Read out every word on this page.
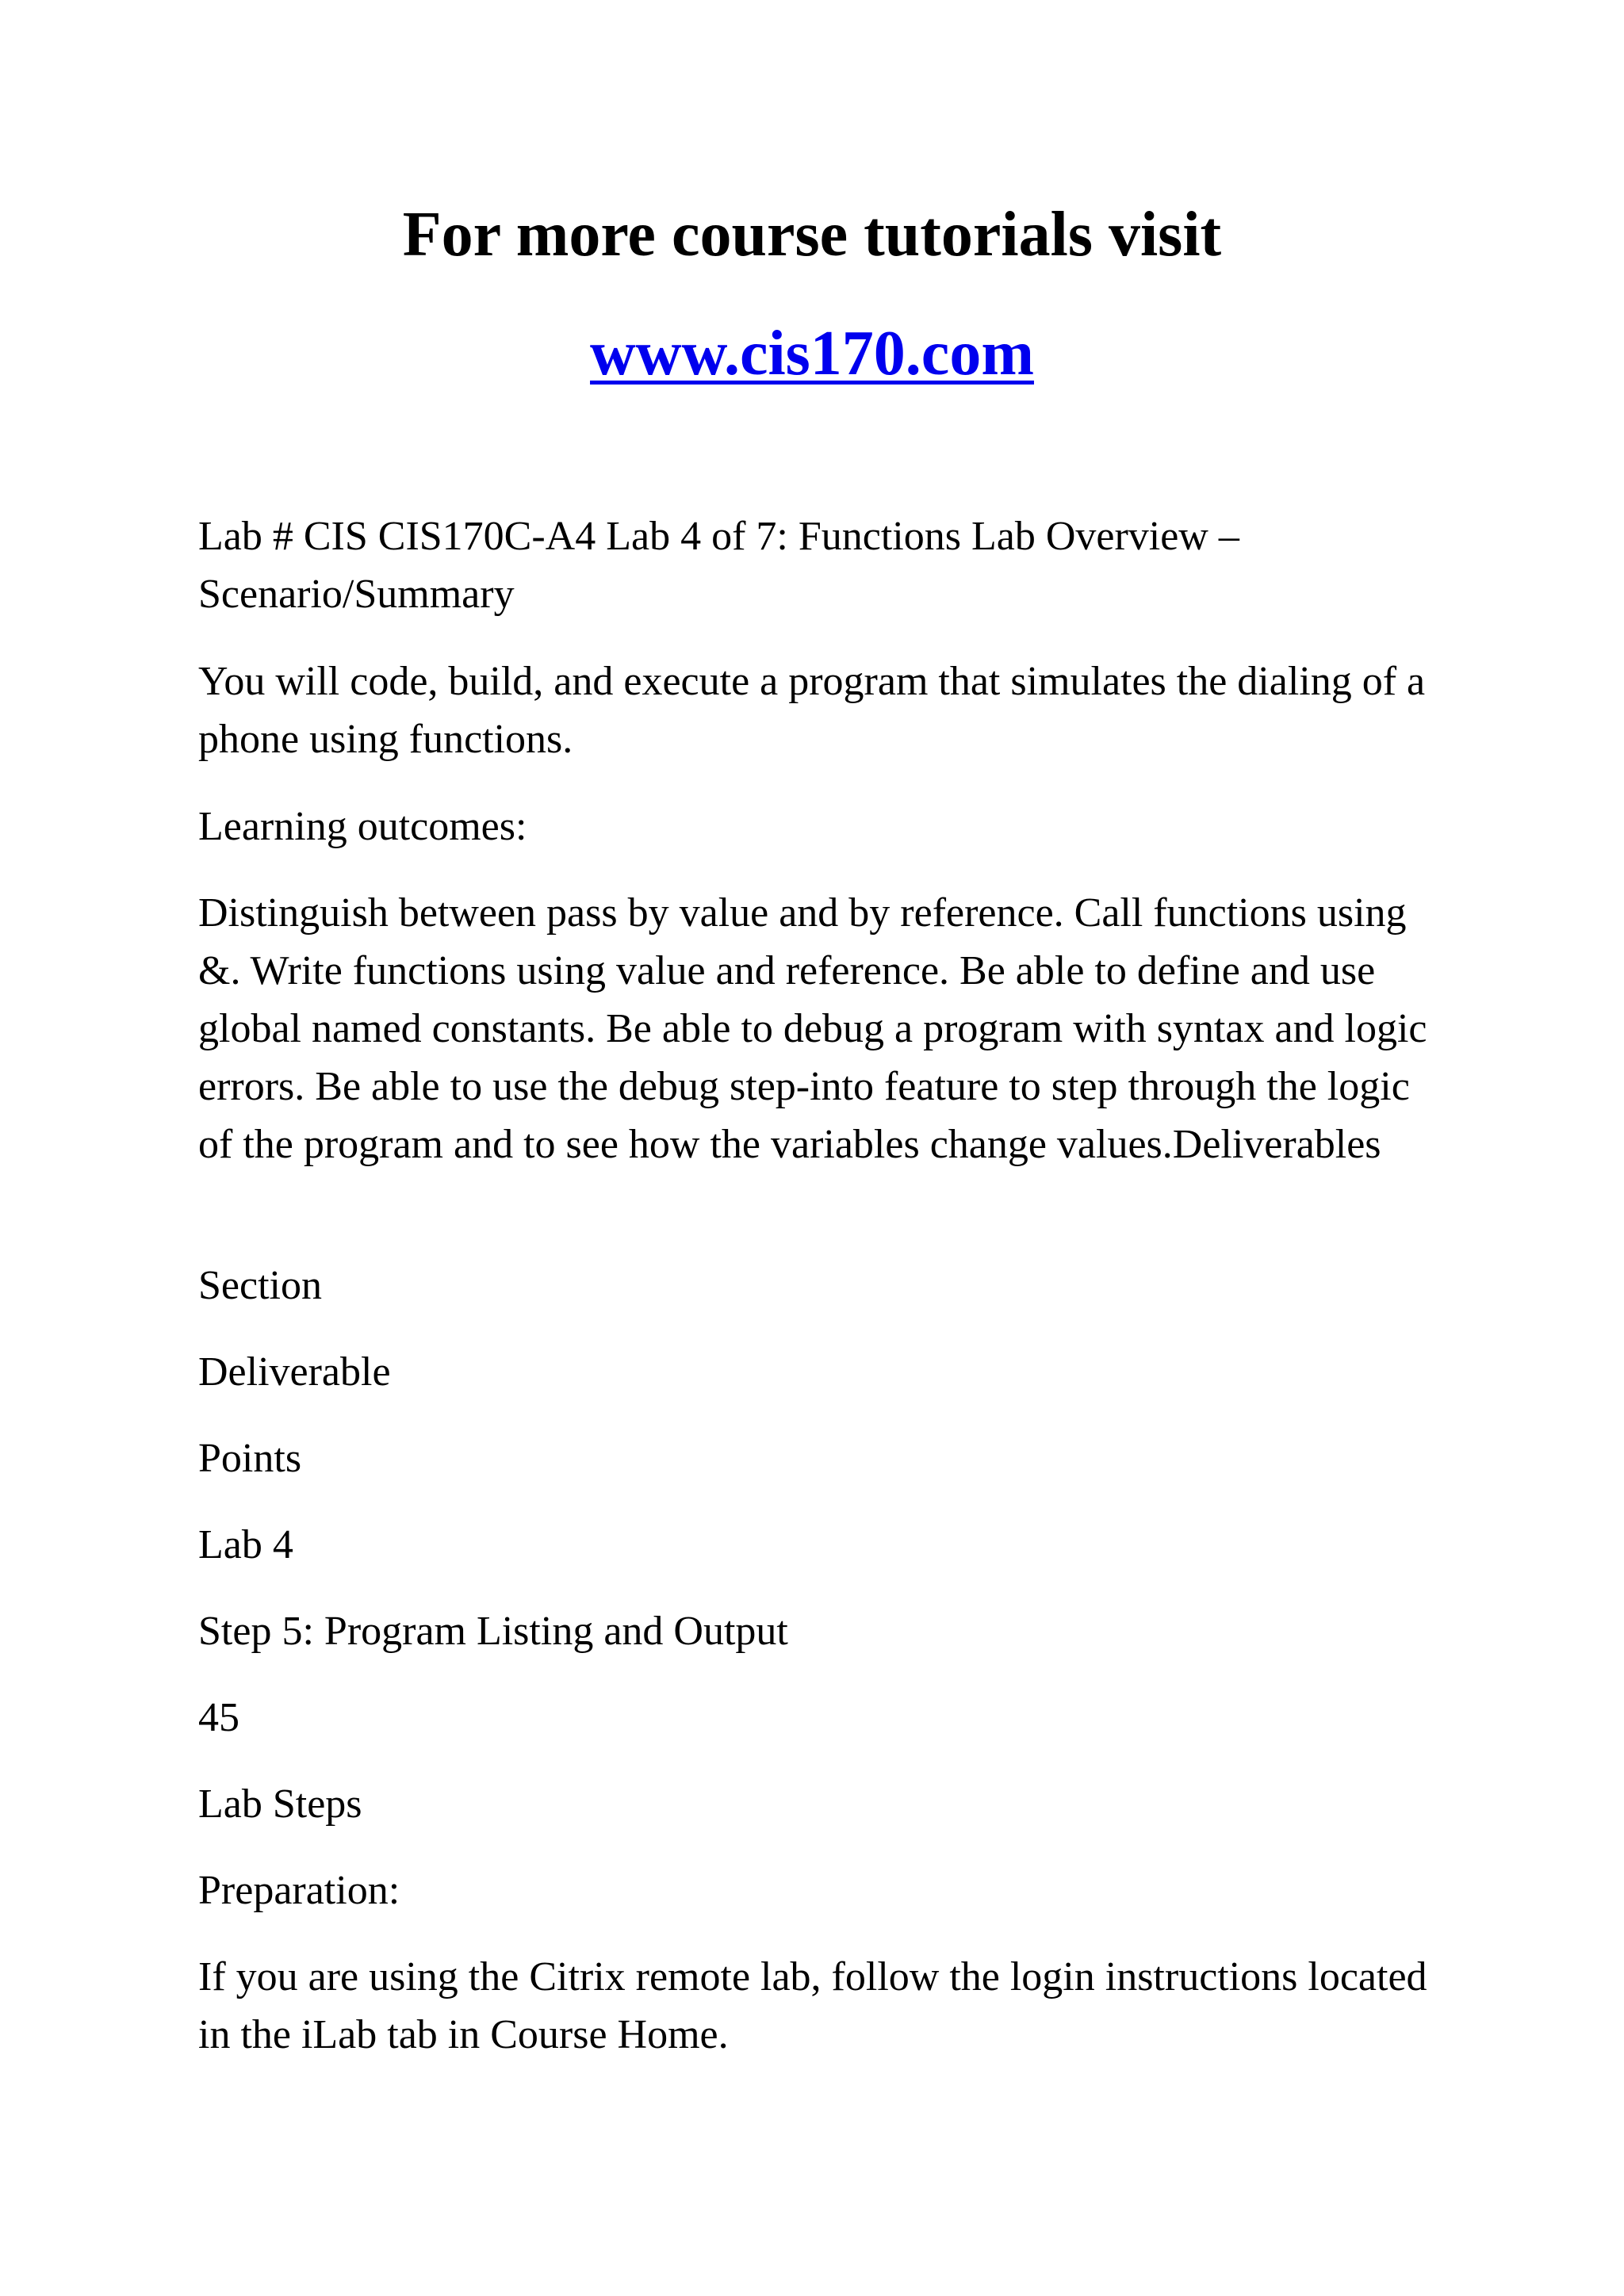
For more course tutorials visit
www.cis170.com

Lab # CIS CIS170C-A4 Lab 4 of 7: Functions Lab Overview – Scenario/Summary

You will code, build, and execute a program that simulates the dialing of a phone using functions.

Learning outcomes:

Distinguish between pass by value and by reference. Call functions using &. Write functions using value and reference. Be able to define and use global named constants. Be able to debug a program with syntax and logic errors. Be able to use the debug step-into feature to step through the logic of the program and to see how the variables change values.Deliverables

Section

Deliverable

Points

Lab 4

Step 5: Program Listing and Output

45

Lab Steps

Preparation:

If you are using the Citrix remote lab, follow the login instructions located in the iLab tab in Course Home.
